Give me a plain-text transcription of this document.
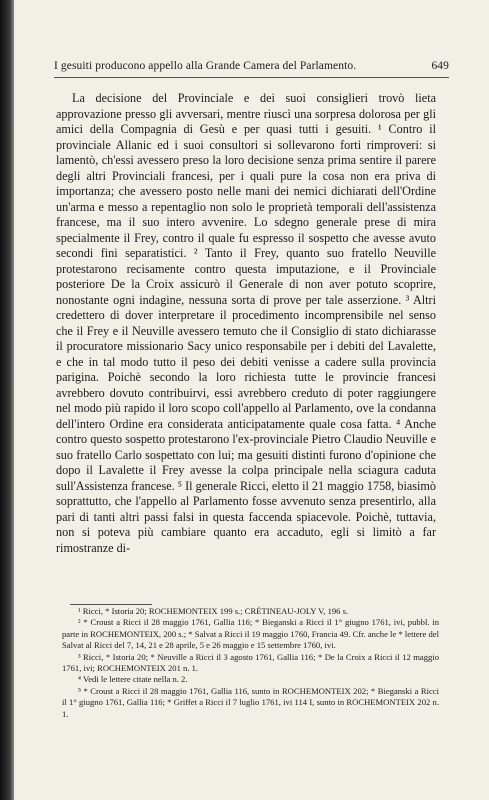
I gesuiti producono appello alla Grande Camera del Parlamento.	649

La decisione del Provinciale e dei suoi consiglieri trovò lieta approvazione presso gli avversari, mentre riuscì una sorpresa dolorosa per gli amici della Compagnia di Gesù e per quasi tutti i gesuiti. ¹ Contro il provinciale Allanic ed i suoi consultori si sollevarono forti rimproveri: si lamentò, ch'essi avessero preso la loro decisione senza prima sentire il parere degli altri Provinciali francesi, per i quali pure la cosa non era priva di importanza; che avessero posto nelle mani dei nemici dichiarati dell'Ordine un'arma e messo a repentaglio non solo le proprietà temporali dell'assistenza francese, ma il suo intero avvenire. Lo sdegno generale prese di mira specialmente il Frey, contro il quale fu espresso il sospetto che avesse avuto secondi fini separatistici. ² Tanto il Frey, quanto suo fratello Neuville protestarono recisamente contro questa imputazione, e il Provinciale posteriore De la Croix assicurò il Generale di non aver potuto scoprire, nonostante ogni indagine, nessuna sorta di prove per tale asserzione. ³ Altri credettero di dover interpretare il procedimento incomprensibile nel senso che il Frey e il Neuville avessero temuto che il Consiglio di stato dichiarasse il procuratore missionario Sacy unico responsabile per i debiti del Lavalette, e che in tal modo tutto il peso dei debiti venisse a cadere sulla provincia parigina. Poichè secondo la loro richiesta tutte le provincie francesi avrebbero dovuto contribuirvi, essi avrebbero creduto di poter raggiungere nel modo più rapido il loro scopo coll'appello al Parlamento, ove la condanna dell'intero Ordine era considerata anticipatamente quale cosa fatta. ⁴ Anche contro questo sospetto protestarono l'ex-provinciale Pietro Claudio Neuville e suo fratello Carlo sospettato con lui; ma gesuiti distinti furono d'opinione che dopo il Lavalette il Frey avesse la colpa principale nella sciagura caduta sull'Assistenza francese. ⁵ Il generale Ricci, eletto il 21 maggio 1758, biasimò soprattutto, che l'appello al Parlamento fosse avvenuto senza presentirlo, alla pari di tanti altri passi falsi in questa faccenda spiacevole. Poichè, tuttavia, non si poteva più cambiare quanto era accaduto, egli si limitò a far rimostranze di-

¹ Ricci, * Istoria 20; ROCHEMONTEIX 199 s.; CRÉTINEAU-JOLY V, 196 s.

² * Croust a Ricci il 28 maggio 1761, Gallia 116; * Bieganski a Ricci il 1° giugno 1761, ivi, pubbl. in parte in ROCHEMONTEIX, 200 s.; * Salvat a Ricci il 19 maggio 1760, Francia 49. Cfr. anche le * lettere del Salvat al Ricci del 7, 14, 21 e 28 aprile, 5 e 26 maggio e 15 settembre 1760, ivi.

³ Ricci, * Istoria 20; * Neuville a Ricci il 3 agosto 1761, Gallia 116; * De la Croix a Ricci il 12 maggio 1761, ivi; ROCHEMONTEIX 201 n. 1.

⁴ Vedi le lettere citate nella n. 2.

⁵ * Croust a Ricci il 28 maggio 1761, Gallia 116, sunto in ROCHEMONTEIX 202; * Bieganski a Ricci il 1° giugno 1761, Gallia 116; * Griffet a Ricci il 7 luglio 1761, ivi 114 I, sunto in ROCHEMONTEIX 202 n. 1.
